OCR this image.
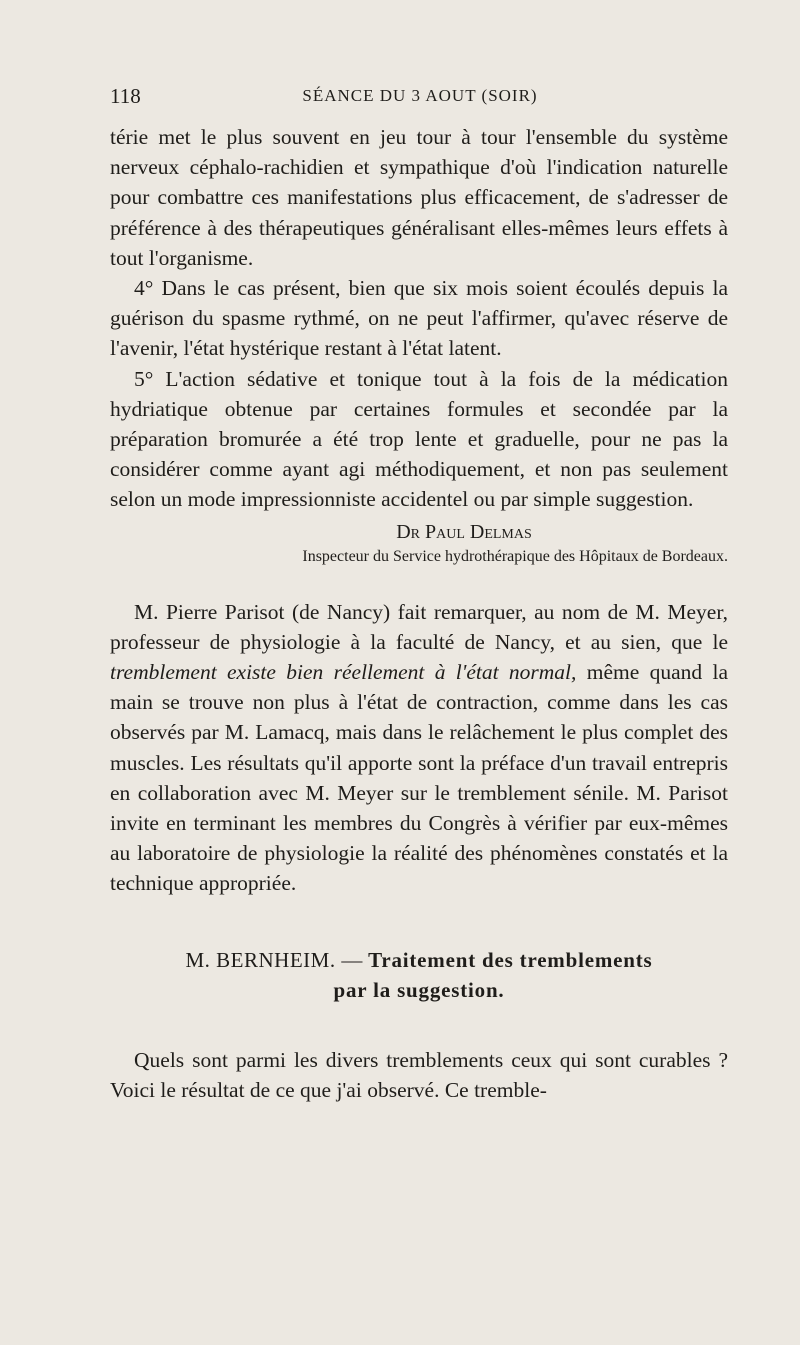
118	SÉANCE DU 3 AOUT (SOIR)

térie met le plus souvent en jeu tour à tour l'ensemble du système nerveux céphalo-rachidien et sympathique d'où l'indication naturelle pour combattre ces manifestations plus efficacement, de s'adresser de préférence à des thérapeutiques généralisant elles-mêmes leurs effets à tout l'organisme.

4° Dans le cas présent, bien que six mois soient écoulés depuis la guérison du spasme rythmé, on ne peut l'affirmer, qu'avec réserve de l'avenir, l'état hystérique restant à l'état latent.

5° L'action sédative et tonique tout à la fois de la médication hydriatique obtenue par certaines formules et secondée par la préparation bromurée a été trop lente et graduelle, pour ne pas la considérer comme ayant agi méthodiquement, et non pas seulement selon un mode impressionniste accidentel ou par simple suggestion.

Dr Paul Delmas
Inspecteur du Service hydrothérapique des Hôpitaux de Bordeaux.

M. Pierre Parisot (de Nancy) fait remarquer, au nom de M. Meyer, professeur de physiologie à la faculté de Nancy, et au sien, que le tremblement existe bien réellement à l'état normal, même quand la main se trouve non plus à l'état de contraction, comme dans les cas observés par M. Lamacq, mais dans le relâchement le plus complet des muscles. Les résultats qu'il apporte sont la préface d'un travail entrepris en collaboration avec M. Meyer sur le tremblement sénile. M. Parisot invite en terminant les membres du Congrès à vérifier par eux-mêmes au laboratoire de physiologie la réalité des phénomènes constatés et la technique appropriée.

M. BERNHEIM. — Traitement des tremblements
par la suggestion.

Quels sont parmi les divers tremblements ceux qui sont curables ? Voici le résultat de ce que j'ai observé. Ce tremble-
